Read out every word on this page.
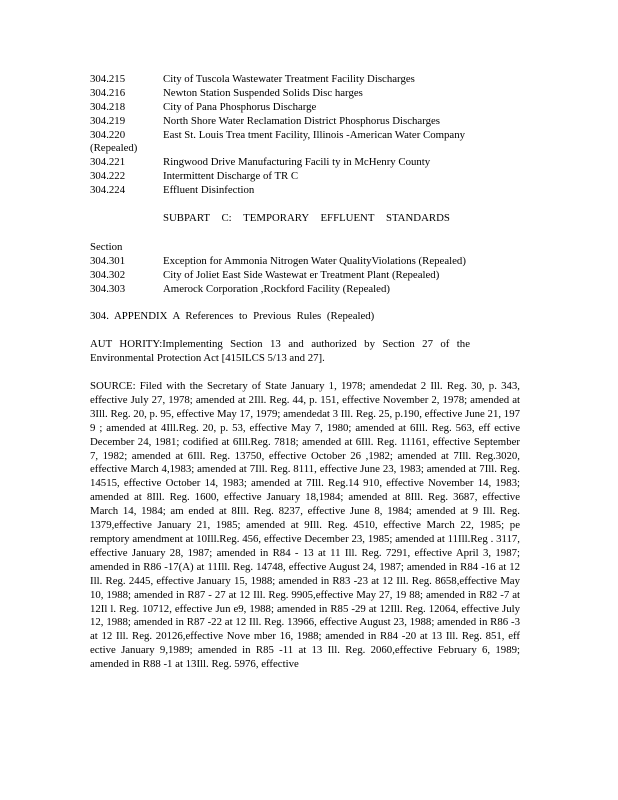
304.215	City of Tuscola Wastewater Treatment Facility Discharges
304.216	Newton Station Suspended Solids Disc harges
304.218	City of Pana Phosphorus Discharge
304.219	North Shore Water Reclamation District Phosphorus Discharges
304.220	East St. Louis Trea tment Facility, Illinois -American Water Company
(Repealed)
304.221	Ringwood Drive Manufacturing Facili ty in McHenry County
304.222	Intermittent Discharge of TR C
304.224	Effluent Disinfection
SUBPART C: TEMPORARY EFFLUENT STANDARDS
Section
304.301	Exception for Ammonia Nitrogen Water QualityViolations (Repealed)
304.302	City of Joliet East Side Wastewat er Treatment Plant (Repealed)
304.303	Amerock Corporation ,Rockford Facility (Repealed)
304. APPENDIX A References to Previous Rules (Repealed)
AUT HORITY:Implementing Section 13 and authorized by Section 27 of the Environmental Protection Act [415ILCS 5/13 and 27].
SOURCE: Filed with the Secretary of State January 1, 1978; amendedat 2 Ill. Reg. 30, p. 343, effective July 27, 1978; amended at 2Ill. Reg. 44, p. 151, effective November 2, 1978; amended at 3Ill. Reg. 20, p. 95, effective May 17, 1979; amendedat 3 Ill. Reg. 25, p.190, effective June 21, 197 9 ; amended at 4Ill.Reg. 20, p. 53, effective May 7, 1980; amended at 6Ill. Reg. 563, eff ective December 24, 1981; codified at 6Ill.Reg. 7818; amended at 6Ill. Reg. 11161, effective September 7, 1982; amended at 6Ill. Reg. 13750, effective October 26 ,1982; amended at 7Ill. Reg.3020, effective March 4,1983; amended at 7Ill. Reg. 8111, effective June 23, 1983; amended at 7Ill. Reg. 14515, effective October 14, 1983; amended at 7Ill. Reg.14 910, effective November 14, 1983; amended at 8Ill. Reg. 1600, effective January 18,1984; amended at 8Ill. Reg. 3687, effective March 14, 1984; am ended at 8Ill. Reg. 8237, effective June 8, 1984; amended at 9 Ill. Reg. 1379,effective January 21, 1985; amended at 9Ill. Reg. 4510, effective March 22, 1985; pe remptory amendment at 10Ill.Reg. 456, effective December 23, 1985; amended at 11Ill.Reg . 3117, effective January 28, 1987; amended in R84 - 13 at 11 Ill. Reg. 7291, effective April 3, 1987; amended in R86 -17(A) at 11Ill. Reg. 14748, effective August 24, 1987; amended in R84 -16 at 12 Ill. Reg. 2445, effective January 15, 1988; amended in R83 -23 at 12 Ill. Reg. 8658,effective May 10, 1988; amended in R87 - 27 at 12 Ill. Reg. 9905,effective May 27, 19 88; amended in R82 -7 at 12Il l. Reg. 10712, effective Jun e9, 1988; amended in R85 -29 at 12Ill. Reg. 12064, effective July 12, 1988; amended in R87 -22 at 12 Ill. Reg. 13966, effective August 23, 1988; amended in R86 -3 at 12 Ill. Reg. 20126,effective Nove mber 16, 1988; amended in R84 -20 at 13 Ill. Reg. 851, eff ective January 9,1989; amended in R85 -11 at 13 Ill. Reg. 2060,effective February 6, 1989; amended in R88 -1 at 13Ill. Reg. 5976, effective
